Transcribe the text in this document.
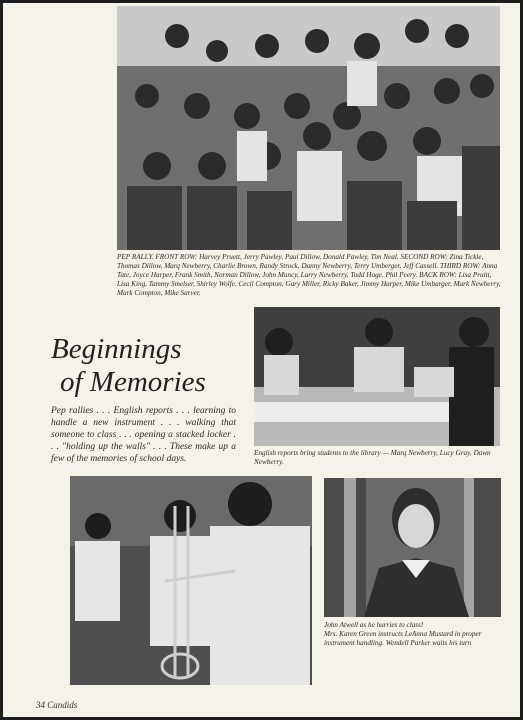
PEP RALLY. FRONT ROW: Harvey Pruett, Jerry Pawley, Paul Dillow, Donald Pawley, Tim Neal. SECOND ROW: Zina Tickle, Thomas Dillow, Marq Newberry, Charlie Brown, Randy Strock, Danny Newberry, Terry Umberger, Jeff Cassell. THIRD ROW: Anna Tate, Joyce Harper, Frank Smith, Norman Dillow, John Muncy, Larry Newberry, Todd Hoge, Phil Peery. BACK ROW: Lisa Pruitt, Lisa King, Tammy Smelser, Shirley Wolfe, Cecil Compton, Gary Miller, Ricky Baker, Jimmy Harper, Mike Umbarger, Mark Newberry, Mark Compton, Mike Sarver.

Beginnings
of Memories

Pep rallies . . . English reports . . . learning to handle a new instrument . . . walking that someone to class . . . opening a stacked locker . . . "holding up the walls" . . . These make up a few of the memories of school days.

English reports bring students to the library — Marq Newberry, Lucy Gray, Dawn Newberry.

John Atwell as he hurries to class!

Mrs. Karen Green instructs LeAnna Mustard in proper instrument handling. Wendell Parker waits his turn

34 Candids
